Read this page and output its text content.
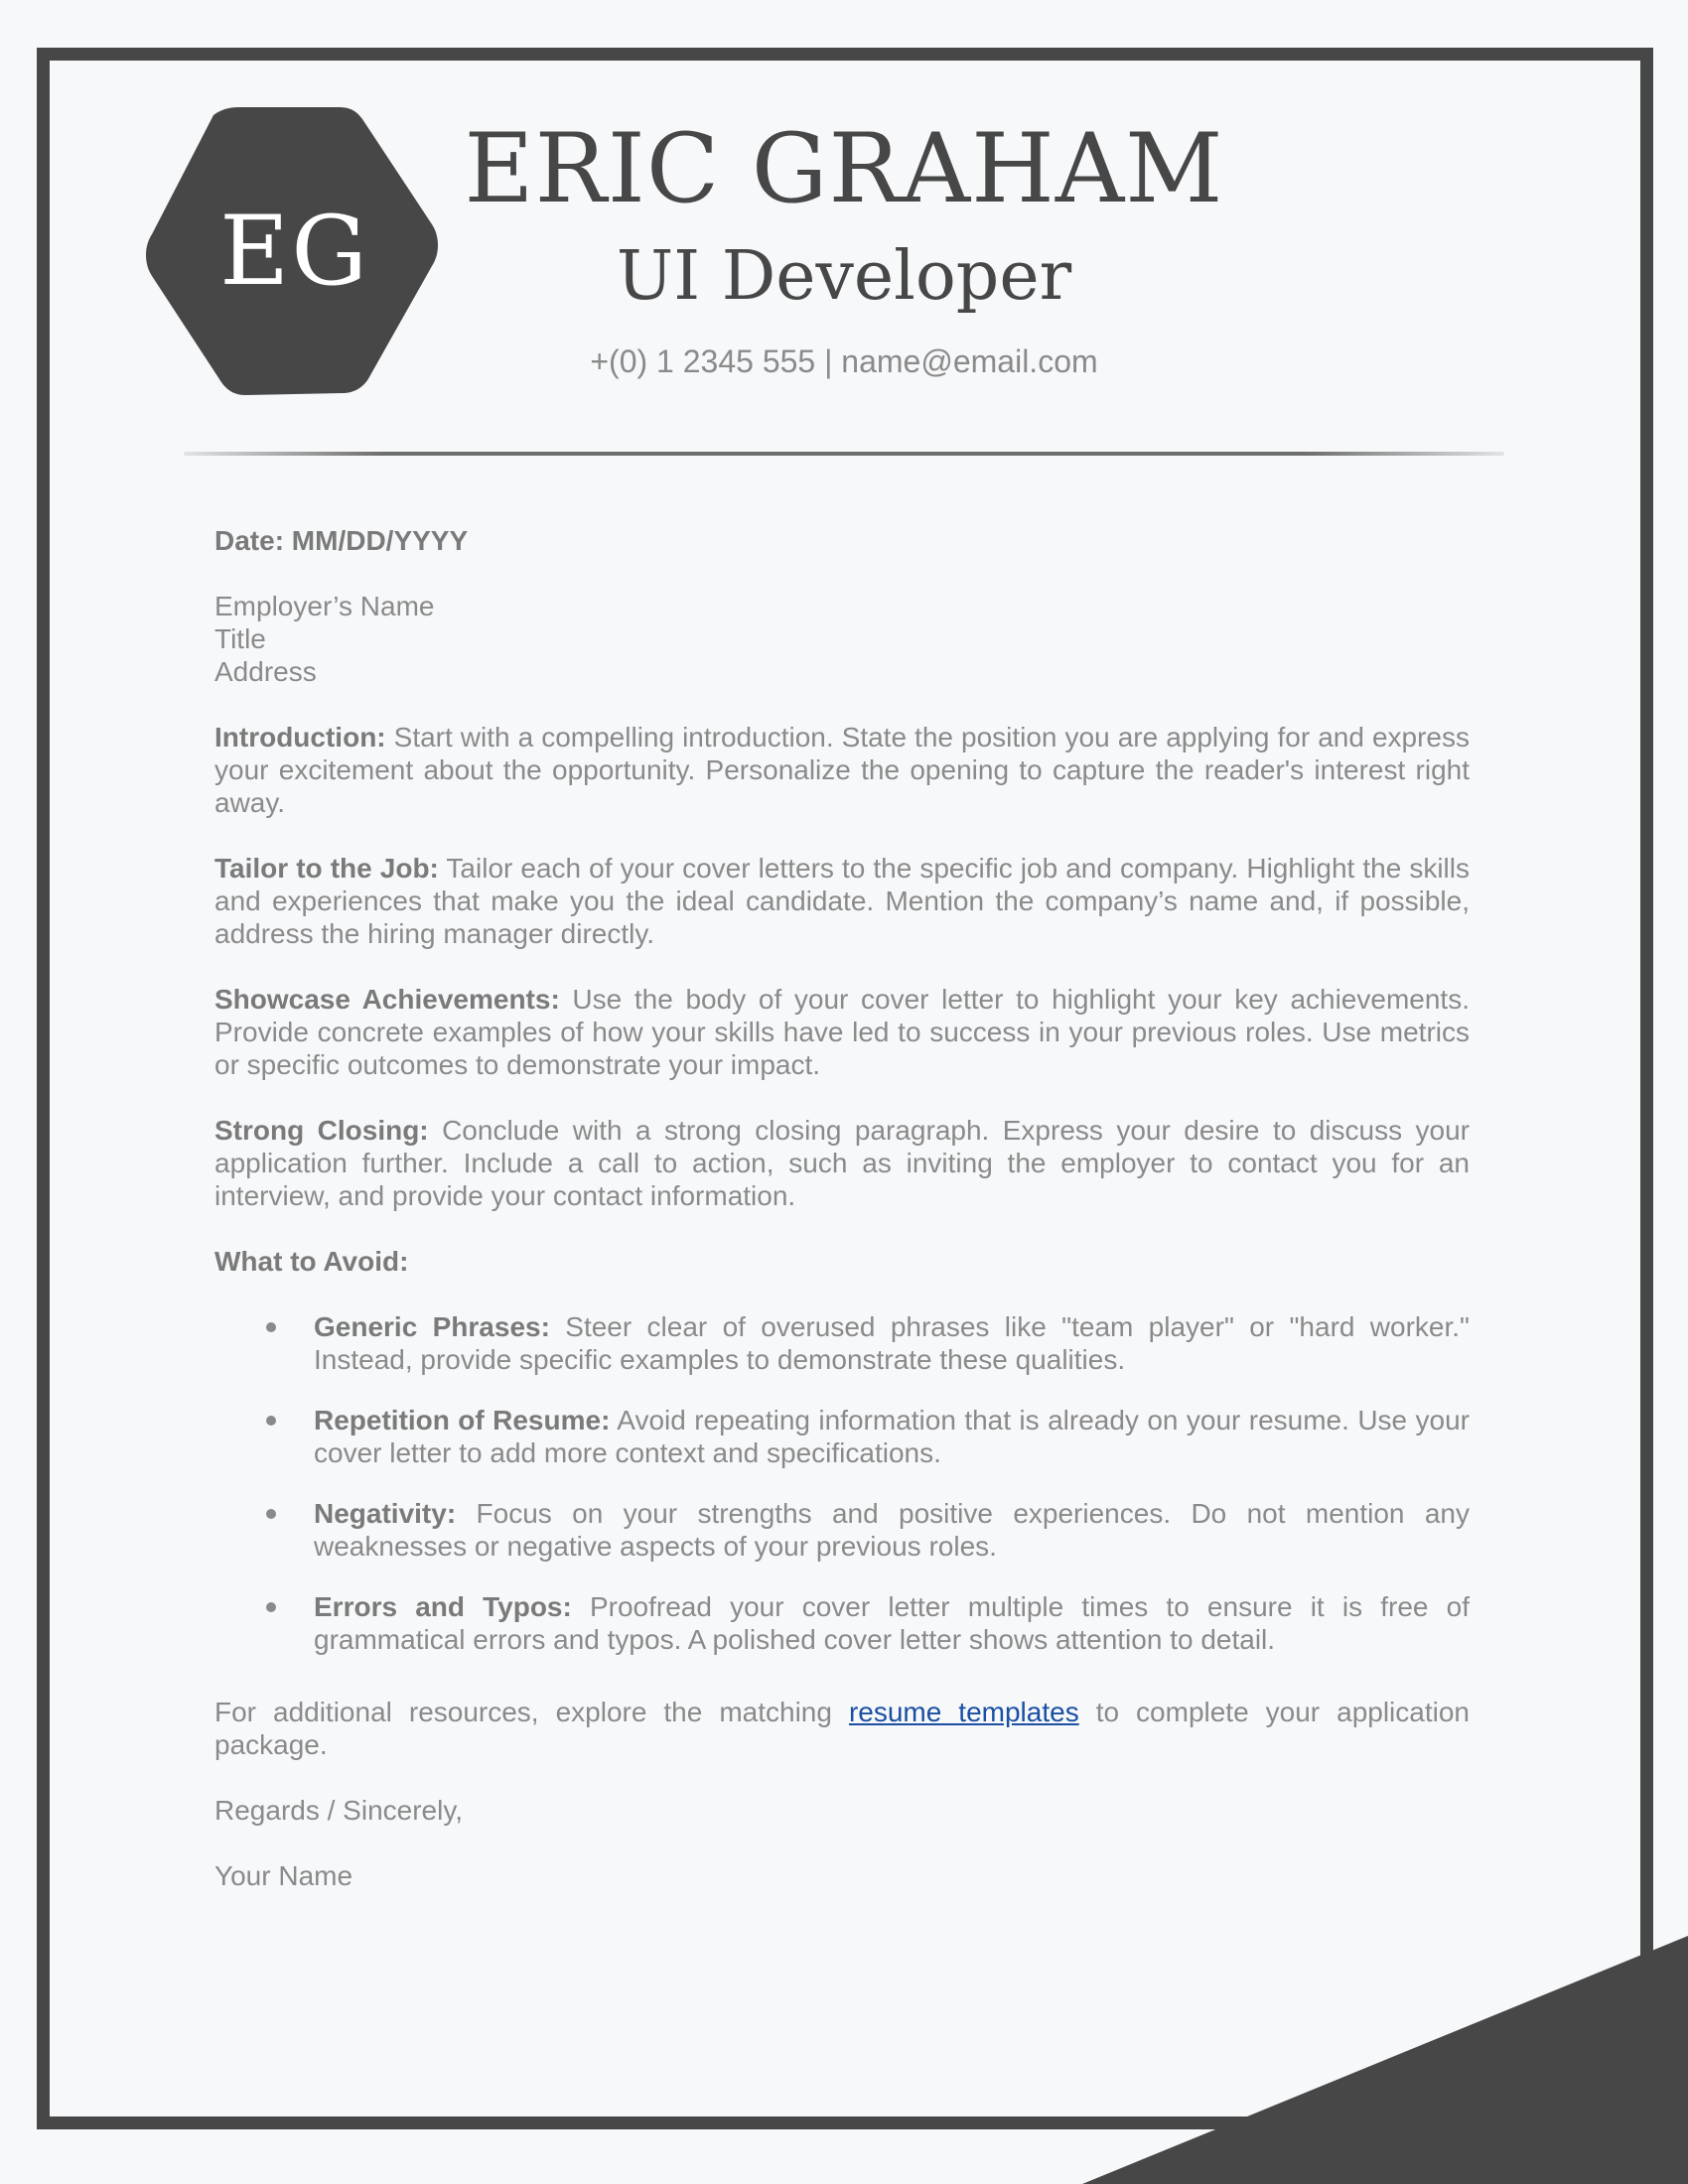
EG
ERIC GRAHAM
UI Developer
+(0) 1 2345 555 | name@email.com
Date: MM/DD/YYYY
Employer’s Name
Title
Address

Introduction: Start with a compelling introduction. State the position you are applying for and express your excitement about the opportunity. Personalize the opening to capture the reader's interest right away.

Tailor to the Job: Tailor each of your cover letters to the specific job and company. Highlight the skills and experiences that make you the ideal candidate. Mention the company’s name and, if possible, address the hiring manager directly.

Showcase Achievements: Use the body of your cover letter to highlight your key achievements. Provide concrete examples of how your skills have led to success in your previous roles. Use metrics or specific outcomes to demonstrate your impact.

Strong Closing: Conclude with a strong closing paragraph. Express your desire to discuss your application further. Include a call to action, such as inviting the employer to contact you for an interview, and provide your contact information.

What to Avoid:

Generic Phrases: Steer clear of overused phrases like "team player" or "hard worker." Instead, provide specific examples to demonstrate these qualities.
Repetition of Resume: Avoid repeating information that is already on your resume. Use your cover letter to add more context and specifications.
Negativity: Focus on your strengths and positive experiences. Do not mention any weaknesses or negative aspects of your previous roles.
Errors and Typos: Proofread your cover letter multiple times to ensure it is free of grammatical errors and typos. A polished cover letter shows attention to detail.

For additional resources, explore the matching resume templates to complete your application package.

Regards / Sincerely,

Your Name
